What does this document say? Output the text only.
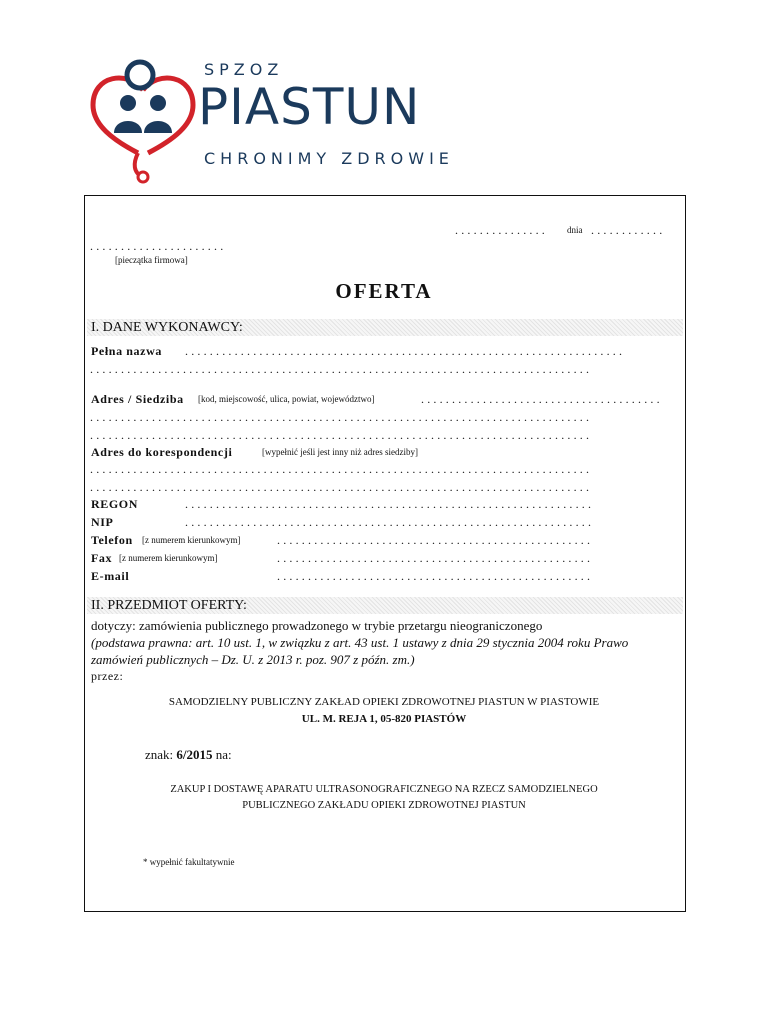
SPZOZ
PIASTUN
CHRONIMY ZDROWIE
............... dnia ............
......................
[pieczątka firmowa]
OFERTA
I. DANE WYKONAWCY:
Pełna nazwa .......................................................................
.................................................................................
Adres / Siedziba [kod, miejscowość, ulica, powiat, województwo]	.......................................
.................................................................................
.................................................................................
Adres do korespondencji	[wypełnić jeśli jest inny niż adres siedziby]
.................................................................................
.................................................................................
REGON	..................................................................
NIP	..................................................................
Telefon [z numerem kierunkowym]	...................................................
Fax [z numerem kierunkowym]	...................................................
E-mail	...................................................
II. PRZEDMIOT OFERTY:
dotyczy: zamówienia publicznego prowadzonego w trybie przetargu nieograniczonego
(podstawa prawna: art. 10 ust. 1, w związku z art. 43 ust. 1 ustawy z dnia 29 stycznia 2004 roku Prawo
zamówień publicznych – Dz. U. z 2013 r. poz. 907 z późn. zm.)
przez:
SAMODZIELNY PUBLICZNY ZAKŁAD OPIEKI ZDROWOTNEJ PIASTUN W PIASTOWIE
UL. M. REJA 1, 05-820 PIASTÓW
znak: 6/2015 na:
ZAKUP I DOSTAWĘ APARATU ULTRASONOGRAFICZNEGO NA RZECZ SAMODZIELNEGO
PUBLICZNEGO ZAKŁADU OPIEKI ZDROWOTNEJ PIASTUN
* wypełnić fakultatywnie
